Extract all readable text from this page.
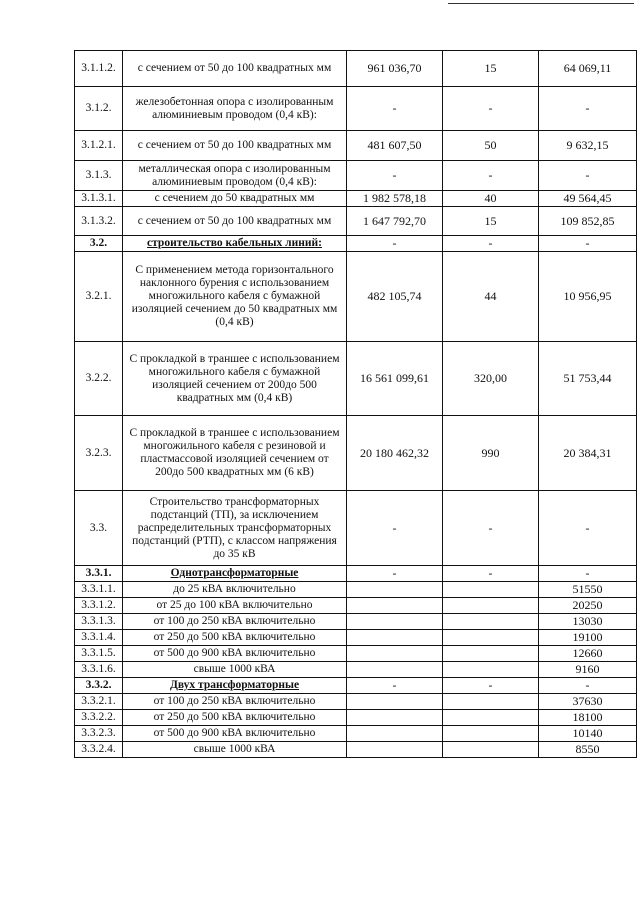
3.1.1.2.	с сечением от 50 до 100 квадратных мм	961 036,70	15	64 069,11
3.1.2.	железобетонная опора с изолированным алюминиевым проводом (0,4 кВ):	-	-	-
3.1.2.1.	с сечением от 50 до 100 квадратных мм	481 607,50	50	9 632,15
3.1.3.	металлическая опора с изолированным алюминиевым проводом (0,4 кВ):	-	-	-
3.1.3.1.	с сечением до 50 квадратных мм	1 982 578,18	40	49 564,45
3.1.3.2.	с сечением от 50 до 100 квадратных мм	1 647 792,70	15	109 852,85
3.2.	строительство кабельных линий:	-	-	-
3.2.1.	С применением метода горизонтального наклонного бурения с использованием многожильного кабеля с бумажной изоляцией сечением до 50 квадратных мм (0,4 кВ)	482 105,74	44	10 956,95
3.2.2.	С прокладкой в траншее с использованием многожильного кабеля с бумажной изоляцией сечением от 200до 500 квадратных мм (0,4 кВ)	16 561 099,61	320,00	51 753,44
3.2.3.	С прокладкой в траншее с использованием многожильного кабеля с резиновой и пластмассовой изоляцией сечением от 200до 500 квадратных мм (6 кВ)	20 180 462,32	990	20 384,31
3.3.	Строительство трансформаторных подстанций (ТП), за исключением распределительных трансформаторных подстанций (РТП), с классом напряжения до 35 кВ	-	-	-
3.3.1.	Однотрансформаторные	-	-	-
3.3.1.1.	до 25 кВА включительно			51550
3.3.1.2.	от 25 до 100 кВА включительно			20250
3.3.1.3.	от 100 до 250 кВА включительно			13030
3.3.1.4.	от 250 до 500 кВА включительно			19100
3.3.1.5.	от 500 до 900 кВА включительно			12660
3.3.1.6.	свыше 1000 кВА			9160
3.3.2.	Двух трансформаторные	-	-	-
3.3.2.1.	от 100 до 250 кВА включительно			37630
3.3.2.2.	от 250 до 500 кВА включительно			18100
3.3.2.3.	от 500 до 900 кВА включительно			10140
3.3.2.4.	свыше 1000 кВА			8550
